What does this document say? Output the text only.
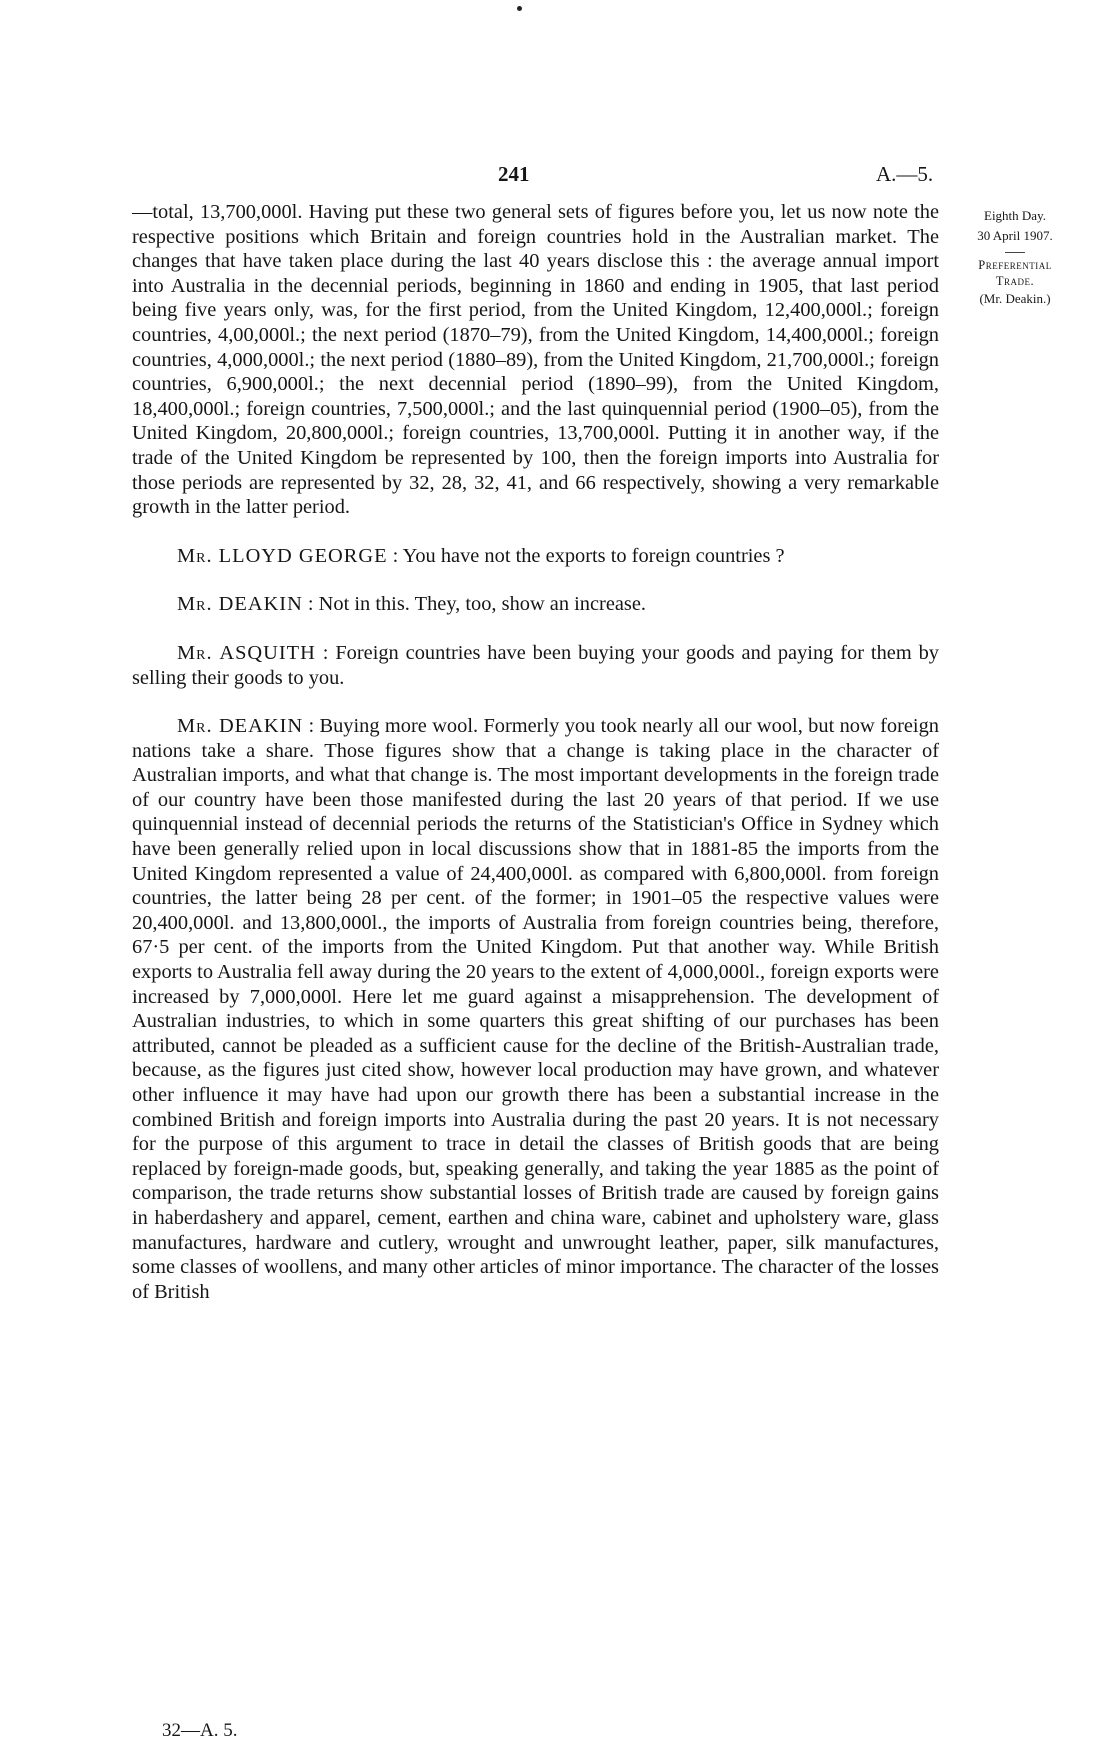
241	A.—5.
Eighth Day.
30 April 1907.
Preferential
Trade.
(Mr. Deakin.)

—total, 13,700,000l. Having put these two general sets of figures before you, let us now note the respective positions which Britain and foreign countries hold in the Australian market. The changes that have taken place during the last 40 years disclose this : the average annual import into Australia in the decennial periods, beginning in 1860 and ending in 1905, that last period being five years only, was, for the first period, from the United Kingdom, 12,400,000l.; foreign countries, 4,00,000l.; the next period (1870–79), from the United Kingdom, 14,400,000l.; foreign countries, 4,000,000l.; the next period (1880–89), from the United Kingdom, 21,700,000l.; foreign countries, 6,900,000l.; the next decennial period (1890–99), from the United Kingdom, 18,400,000l.; foreign countries, 7,500,000l.; and the last quinquennial period (1900–05), from the United Kingdom, 20,800,000l.; foreign countries, 13,700,000l. Putting it in another way, if the trade of the United Kingdom be represented by 100, then the foreign imports into Australia for those periods are represented by 32, 28, 32, 41, and 66 respectively, showing a very remarkable growth in the latter period.

Mr. LLOYD GEORGE : You have not the exports to foreign countries ?

Mr. DEAKIN : Not in this. They, too, show an increase.

Mr. ASQUITH : Foreign countries have been buying your goods and paying for them by selling their goods to you.

Mr. DEAKIN : Buying more wool. Formerly you took nearly all our wool, but now foreign nations take a share. Those figures show that a change is taking place in the character of Australian imports, and what that change is. The most important developments in the foreign trade of our country have been those manifested during the last 20 years of that period. If we use quinquennial instead of decennial periods the returns of the Statistician's Office in Sydney which have been generally relied upon in local discussions show that in 1881-85 the imports from the United Kingdom represented a value of 24,400,000l. as compared with 6,800,000l. from foreign countries, the latter being 28 per cent. of the former; in 1901–05 the respective values were 20,400,000l. and 13,800,000l., the imports of Australia from foreign countries being, therefore, 67·5 per cent. of the imports from the United Kingdom. Put that another way. While British exports to Australia fell away during the 20 years to the extent of 4,000,000l., foreign exports were increased by 7,000,000l. Here let me guard against a misapprehension. The development of Australian industries, to which in some quarters this great shifting of our purchases has been attributed, cannot be pleaded as a sufficient cause for the decline of the British-Australian trade, because, as the figures just cited show, however local production may have grown, and whatever other influence it may have had upon our growth there has been a substantial increase in the combined British and foreign imports into Australia during the past 20 years. It is not necessary for the purpose of this argument to trace in detail the classes of British goods that are being replaced by foreign-made goods, but, speaking generally, and taking the year 1885 as the point of comparison, the trade returns show substantial losses of British trade are caused by foreign gains in haberdashery and apparel, cement, earthen and china ware, cabinet and upholstery ware, glass manufactures, hardware and cutlery, wrought and unwrought leather, paper, silk manufactures, some classes of woollens, and many other articles of minor importance. The character of the losses of British

32—A. 5.
